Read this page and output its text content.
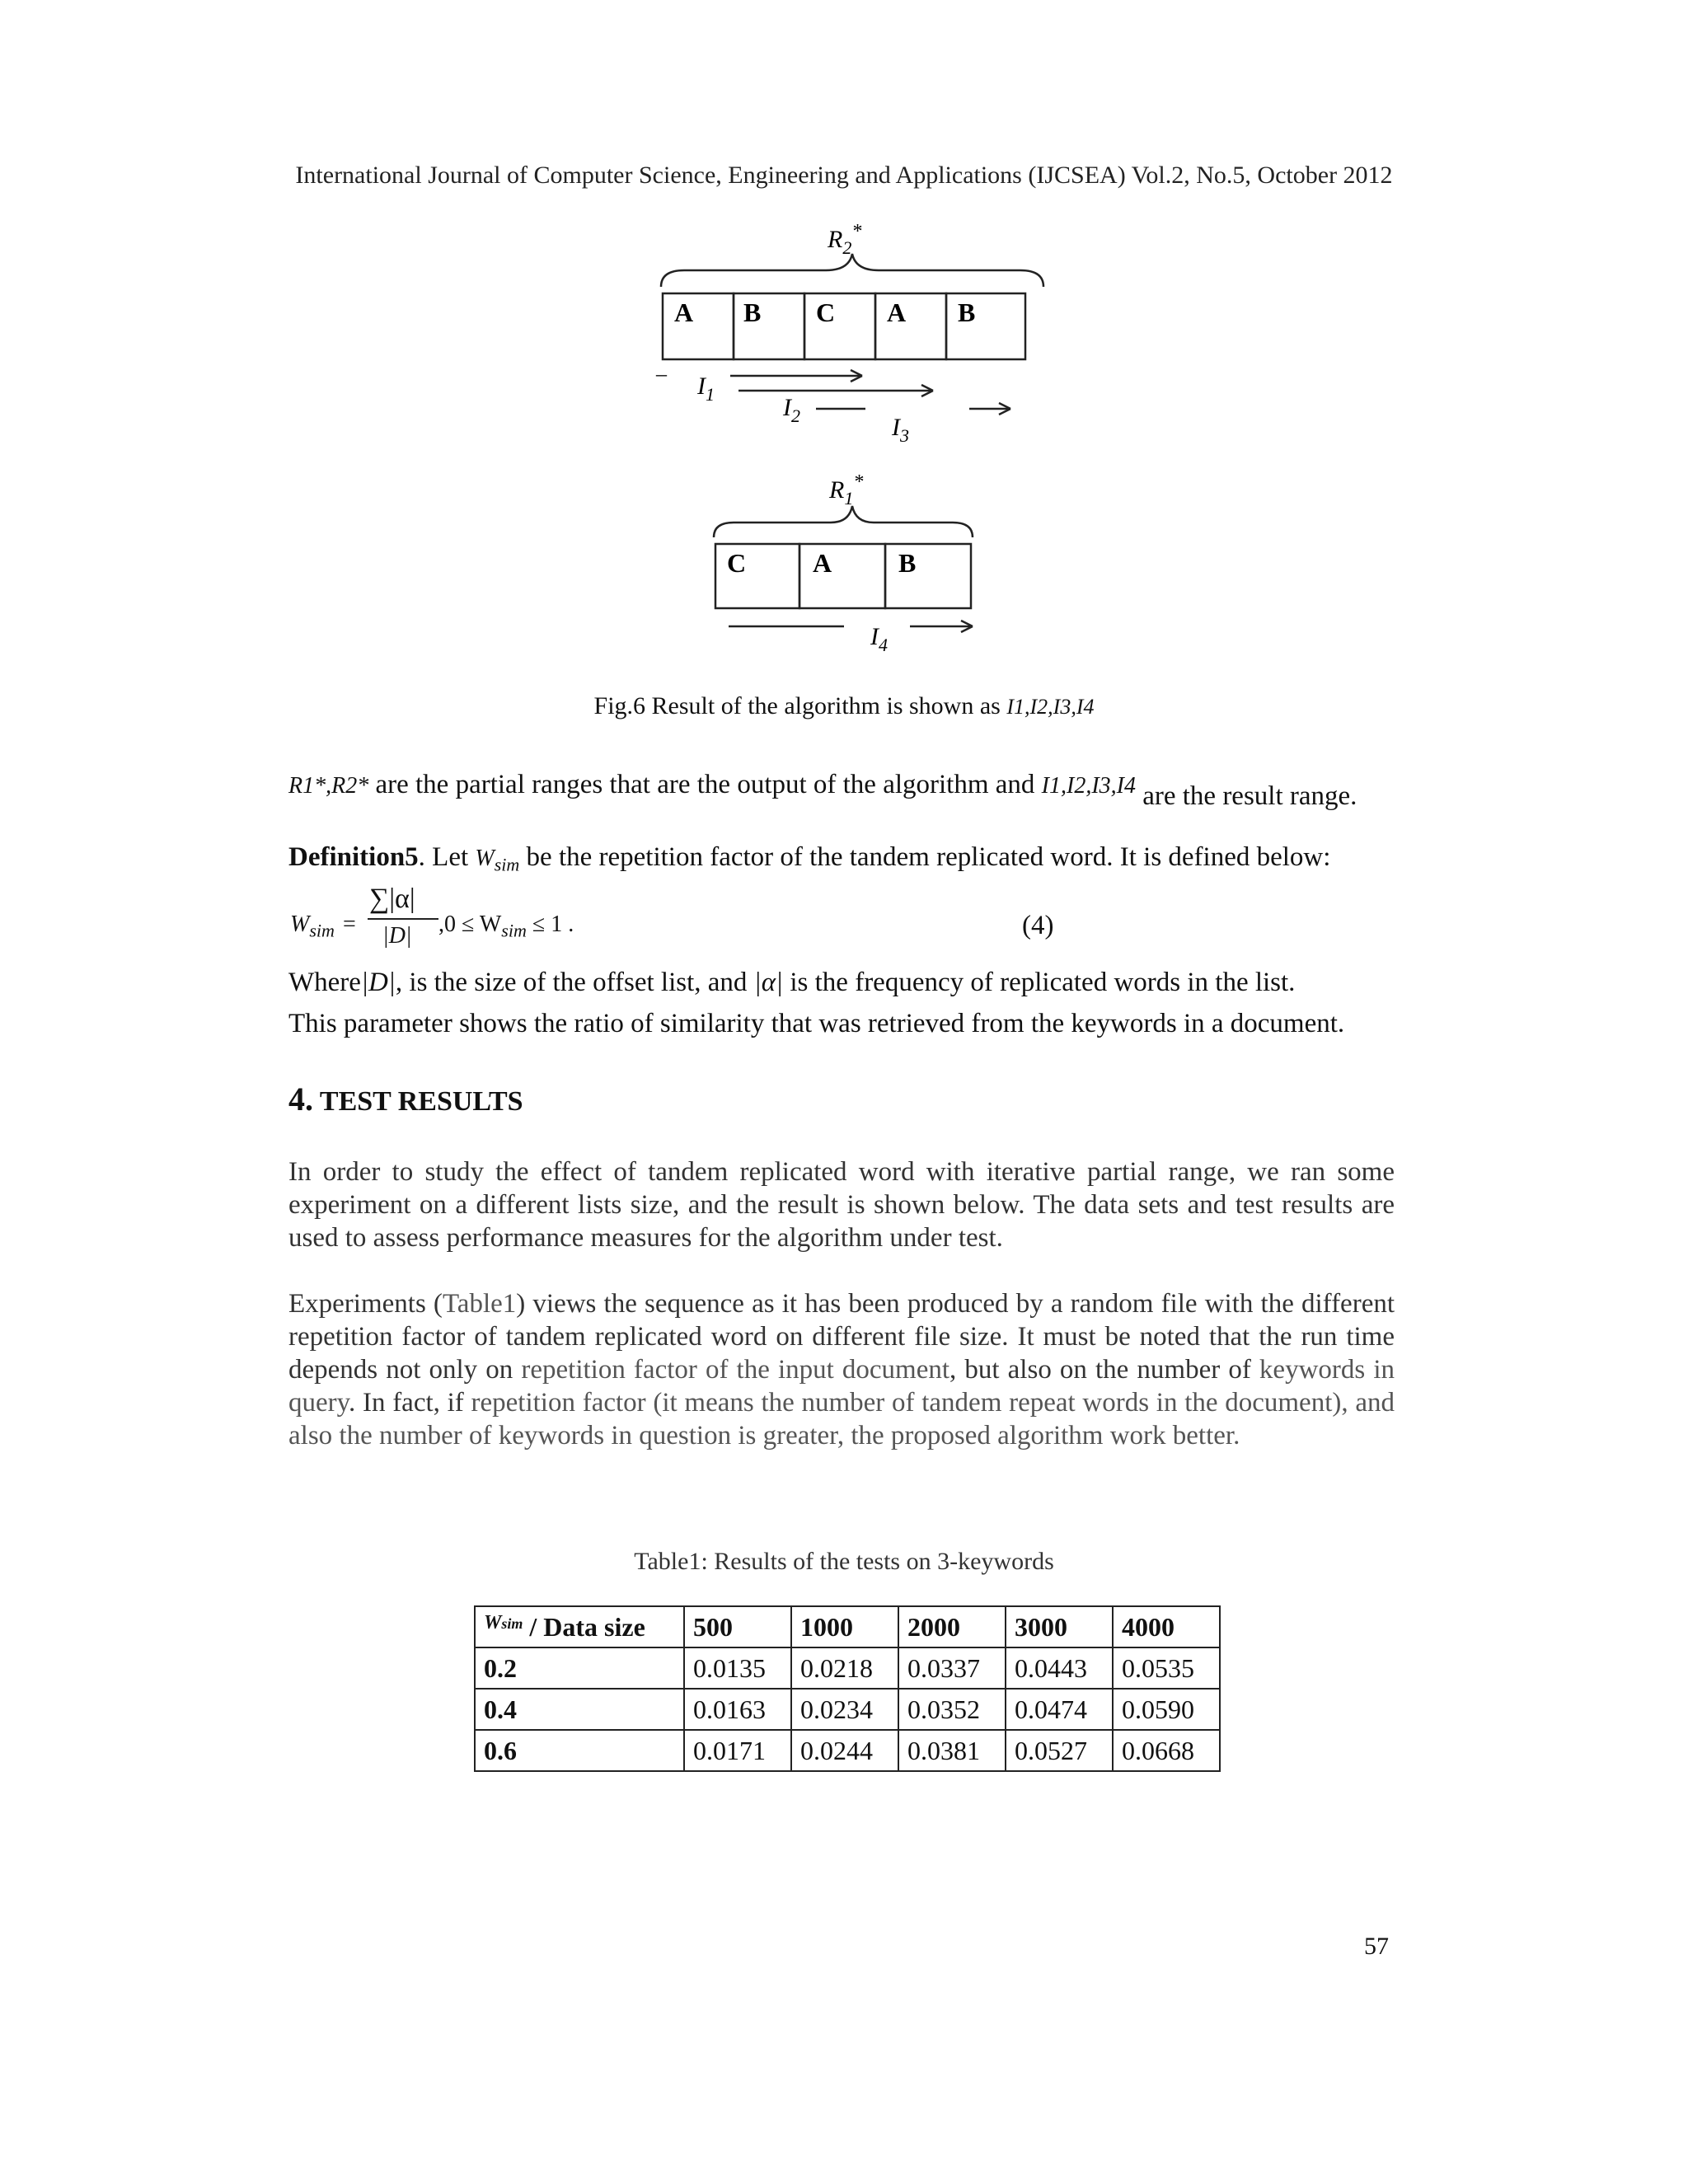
International Journal of Computer Science, Engineering and Applications (IJCSEA) Vol.2, No.5, October 2012
$R_2^*$
A B C A B
– $I_1$	$I_2$	$I_3$
$R_1^*$
C	A	B
$I_4$
Fig.6 Result of the algorithm is shown as I1,I2,I3,I4
R1*,R2* are the partial ranges that are the output of the algorithm and I1,I2,I3,I4 are the result range.
Definition5. Let $W_{sim}$ be the repetition factor of the tandem replicated word. It is defined below:
$W_{sim}$ =
∑|α|
|D| $,0 \le W_{sim} \le 1$ .	(4)
Where|D|, is the size of the offset list, and |α| is the frequency of replicated words in the list.
This parameter shows the ratio of similarity that was retrieved from the keywords in a document.
4. TEST RESULTS
In order to study the effect of tandem replicated word with iterative partial range, we ran some experiment on a different lists size, and the result is shown below. The data sets and test results are used to assess performance measures for the algorithm under test.
Experiments (Table1) views the sequence as it has been produced by a random file with the different repetition factor of tandem replicated word on different file size. It must be noted that the run time depends not only on repetition factor of the input document, but also on the number of keywords in query. In fact, if repetition factor (it means the number of tandem repeat words in the document), and also the number of keywords in question is greater, the proposed algorithm work better.
Table1: Results of the tests on 3-keywords
$^{Wsim}$ / Data size	500	1000	2000	3000	4000
0.2	0.0135	0.0218	0.0337	0.0443	0.0535
0.4	0.0163	0.0234	0.0352	0.0474	0.0590
0.6	0.0171	0.0244	0.0381	0.0527	0.0668
57
